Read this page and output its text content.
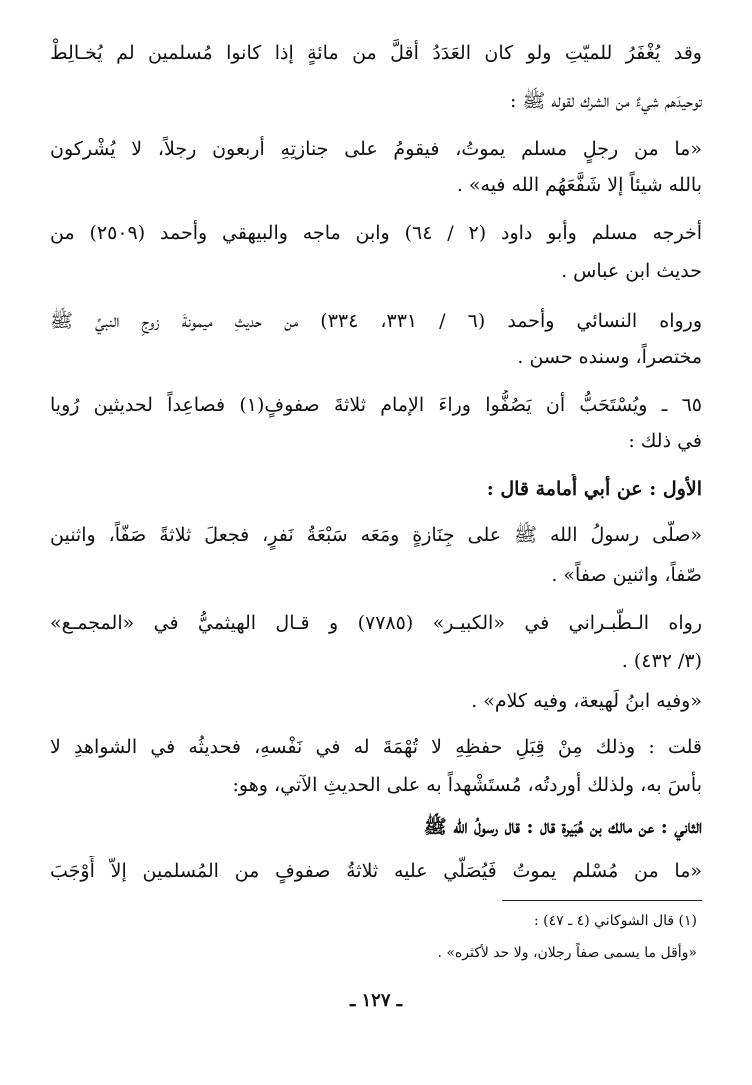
وقد يُغْفَرُ للميّتِ ولو كان العَدَدُ أقلَّ من مائةٍ إذا كانوا مُسلمين لم يُخـالِطْ
توحيدَهم شيءٌ من الشرك لقوله ﷺ :
«ما من رجلٍ مسلم يموتُ، فيقومُ على جنازتِهِ أربعون رجلاً، لا يُشْركون
بالله شيئاً إلا شَفَّعَهُم الله فيه» .
أخرجه مسلم وأبو داود (٢ / ٦٤) وابن ماجه والبيهقي وأحمد (٢٥٠٩) من
حديث ابن عباس .
ورواه النسائي وأحمد (٦ / ٣٣١، ٣٣٤) من حديثِ ميمونةَ زوجِ النبيِّ ﷺ
مختصراً، وسنده حسن .
٦٥ ـ ويُسْتَحَبُّ أن يَصُفُّوا وراءَ الإمام ثلاثةَ صفوفٍ(١) فصاعِداً لحديثين رُويا
في ذلك :
الأول : عن أبي أُمامة قال :
«صلّى رسولُ الله ﷺ على جِنَازةٍ ومَعَه سَبْعَةُ نَفرٍ، فجعلَ ثلاثةً صَفّاً، واثنين
صّفاً، واثنين صفاً» .
رواه الـطّبـراني في «الكبيـر» (٧٧٨٥) و قـال الهيثميُّ في «المجمـع»
(٣/ ٤٣٢) .
«وفيه ابنُ لَهيعة، وفيه كلام» .
قلت : وذلك مِنْ قِبَلِ حفظِهِ لا تُهْمَةَ له في نَفْسهِ، فحديثُه في الشواهدِ لا
بأسَ به، ولذلك أوردتُه، مُستَشْهداً به على الحديثِ الآتي، وهو:
الثاني : عن مالك بن هُبَيرة قال : قال رسولُ الله ﷺ
«ما من مُسْلم يموتُ فَيُصَلّي عليه ثلاثةُ صفوفٍ من المُسلمين إلاّ أَوْجَبَ
(١) قال الشوكاني (٤ ـ ٤٧) :
«وأقل ما يسمى صفاً رجلان، ولا حد لأكثره» .
ـ ١٢٧ ـ
